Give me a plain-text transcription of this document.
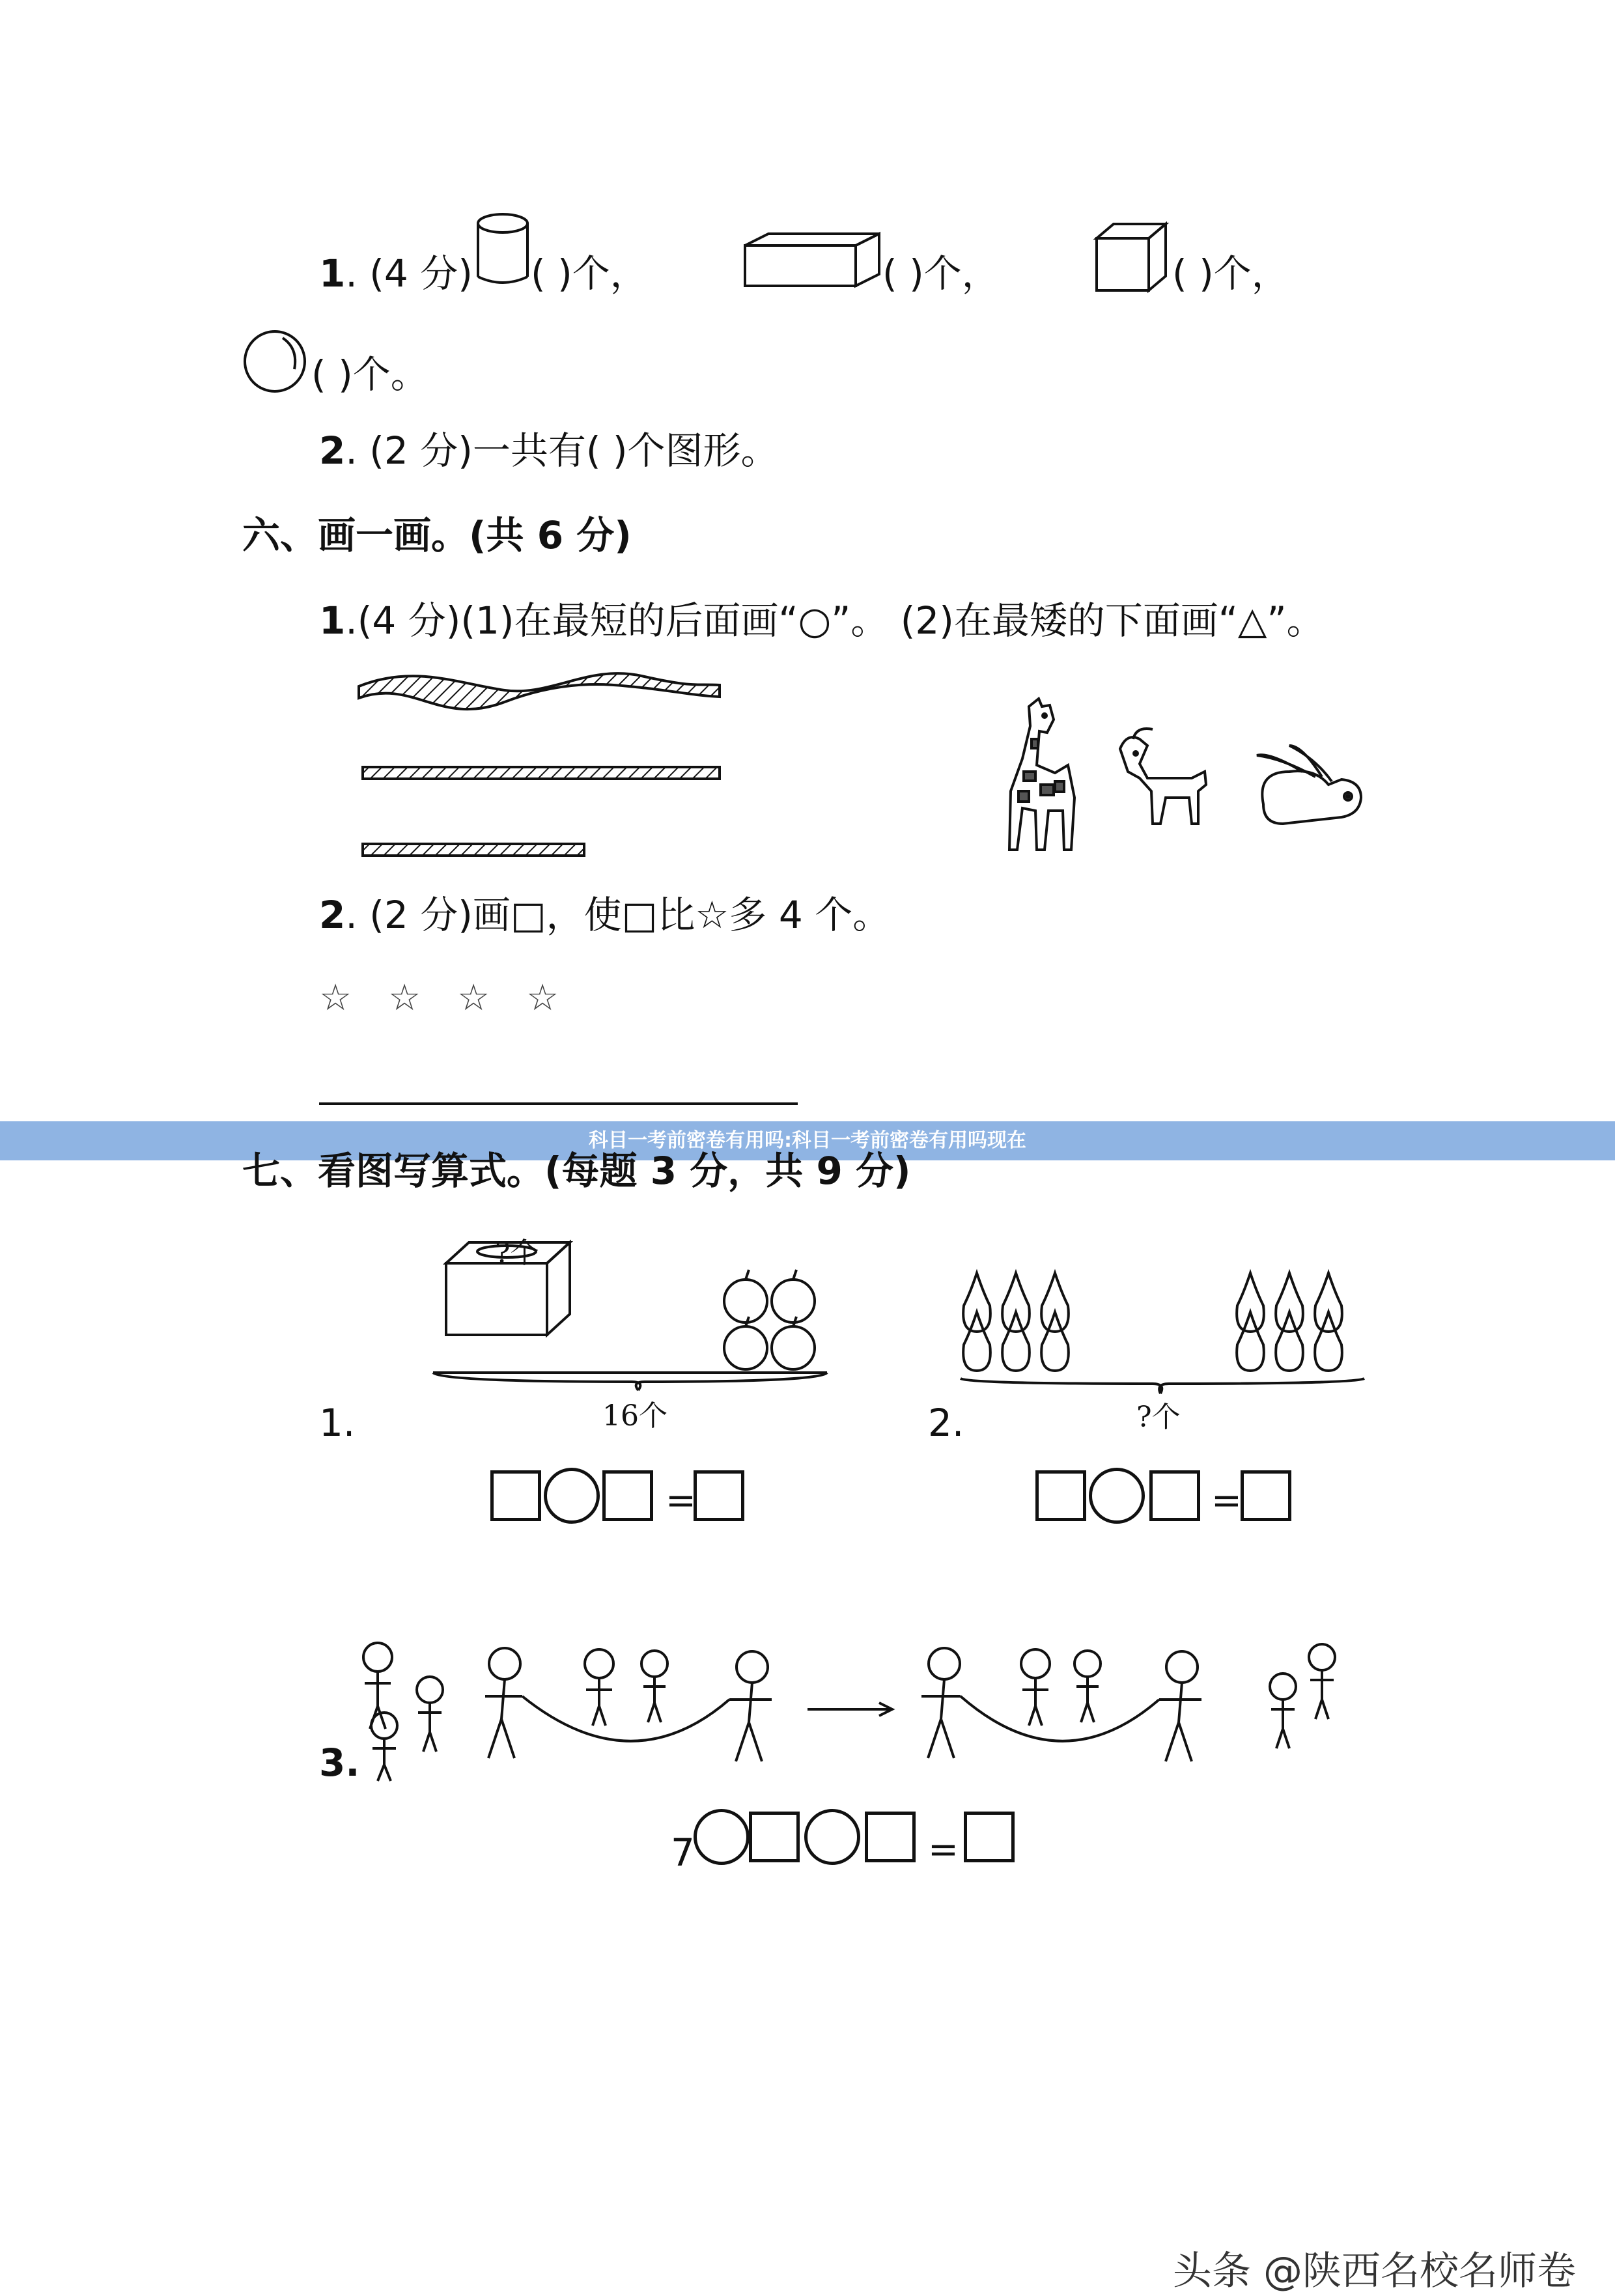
1. (4 分) ( )个，	( )个，	( )个，
( )个。
2. (2 分)一共有( )个图形。
六、画一画。(共 6 分)
1.(4 分)(1)在最短的后面画“○”。 (2)在最矮的下面画“△”。
2. (2 分)画□，使□比☆多 4 个。
☆ ☆ ☆ ☆
科目一考前密卷有用吗:科目一考前密卷有用吗现在
七、看图写算式。(每题 3 分，共 9 分)
?个
16个
1.
=
?个
2.
=
3.
7	=
头条 @陕西名校名师卷
